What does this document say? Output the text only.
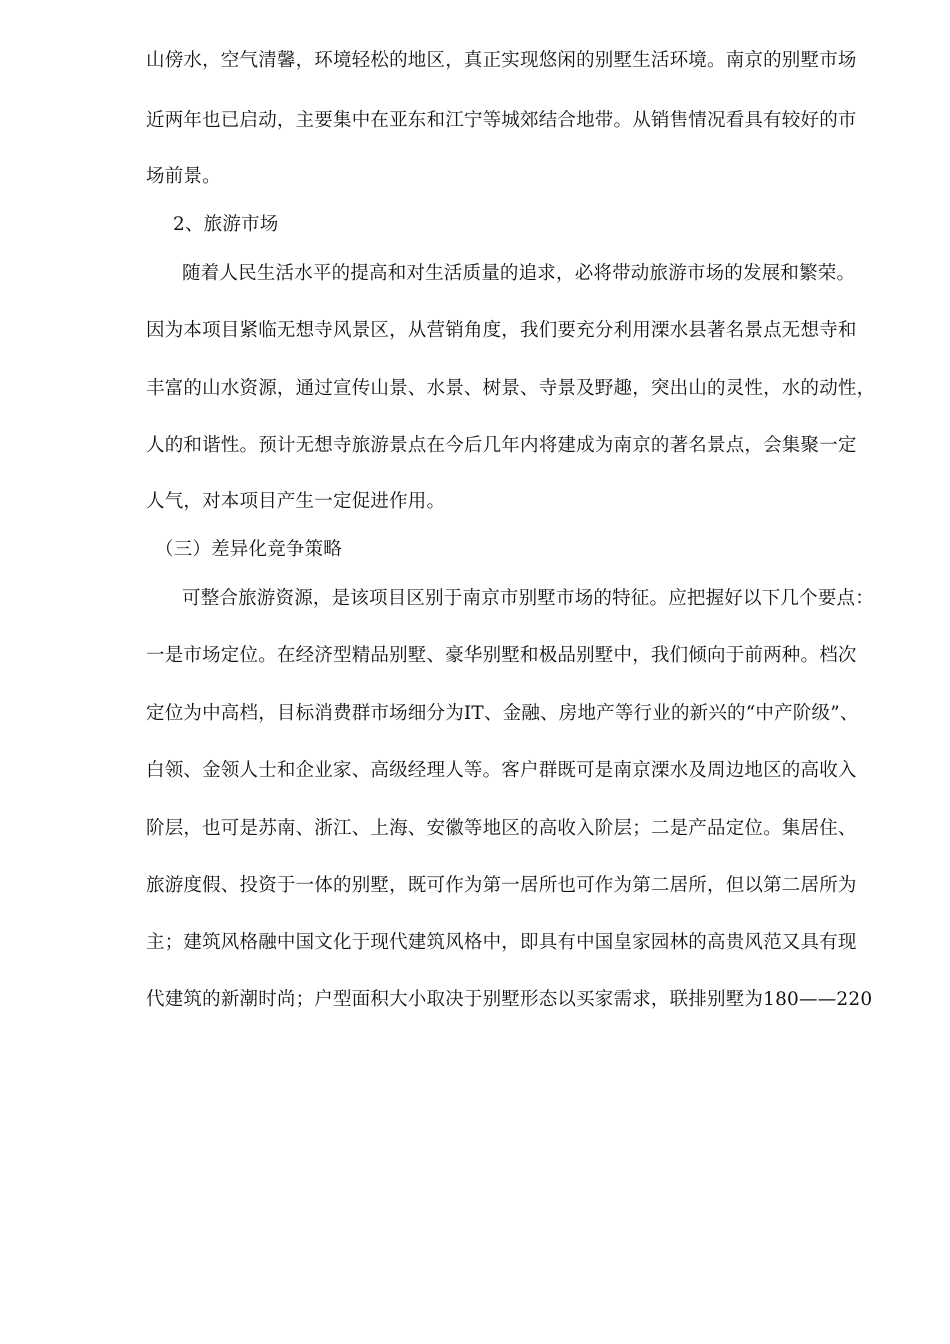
山傍水，空气清馨，环境轻松的地区，真正实现悠闲的别墅生活环境。南京的别墅市场
近两年也已启动，主要集中在亚东和江宁等城郊结合地带。从销售情况看具有较好的市
场前景。
2、旅游市场
随着人民生活水平的提高和对生活质量的追求，必将带动旅游市场的发展和繁荣。
因为本项目紧临无想寺风景区，从营销角度，我们要充分利用溧水县著名景点无想寺和
丰富的山水资源，通过宣传山景、水景、树景、寺景及野趣，突出山的灵性，水的动性，
人的和谐性。预计无想寺旅游景点在今后几年内将建成为南京的著名景点，会集聚一定
人气，对本项目产生一定促进作用。
（三）差异化竞争策略
可整合旅游资源，是该项目区别于南京市别墅市场的特征。应把握好以下几个要点：
一是市场定位。在经济型精品别墅、豪华别墅和极品别墅中，我们倾向于前两种。档次
定位为中高档，目标消费群市场细分为IT、金融、房地产等行业的新兴的“中产阶级”、
白领、金领人士和企业家、高级经理人等。客户群既可是南京溧水及周边地区的高收入
阶层，也可是苏南、浙江、上海、安徽等地区的高收入阶层；二是产品定位。集居住、
旅游度假、投资于一体的别墅，既可作为第一居所也可作为第二居所，但以第二居所为
主；建筑风格融中国文化于现代建筑风格中，即具有中国皇家园林的高贵风范又具有现
代建筑的新潮时尚；户型面积大小取决于别墅形态以买家需求，联排别墅为180——220
